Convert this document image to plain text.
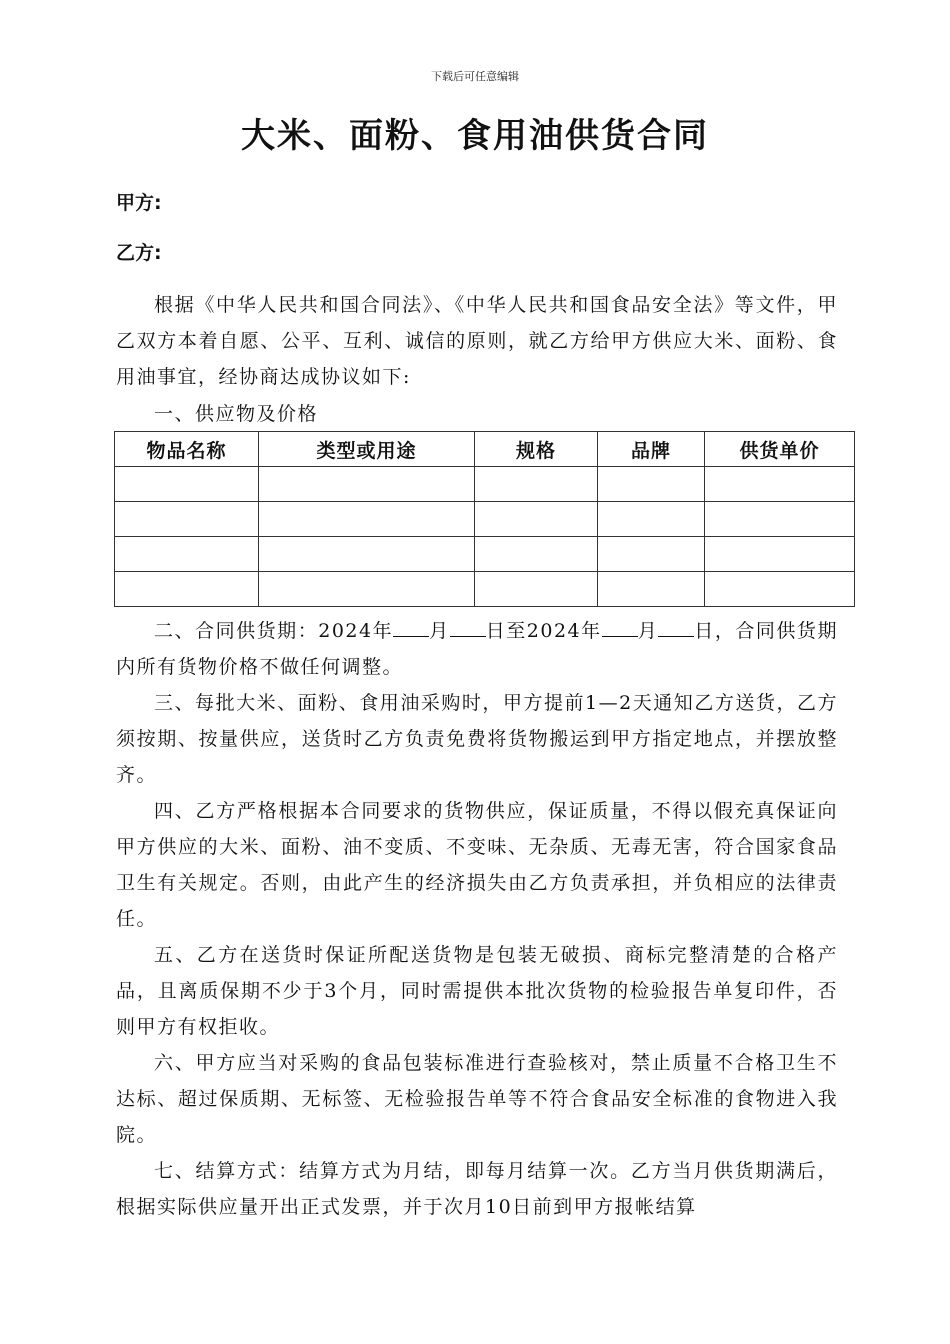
下载后可任意编辑
大米、面粉、食用油供货合同
甲方:
乙方:

根据《中华人民共和国合同法》、《中华人民共和国食品安全法》等文件，甲乙双方本着自愿、公平、互利、诚信的原则，就乙方给甲方供应大米、面粉、食用油事宜，经协商达成协议如下:

一、供应物及价格

物品名称	类型或用途	规格	品牌	供货单价

二、合同供货期：2024年 月 日至2024年 月 日，合同供货期内所有货物价格不做任何调整。

三、每批大米、面粉、食用油采购时，甲方提前1—2天通知乙方送货，乙方须按期、按量供应，送货时乙方负责免费将货物搬运到甲方指定地点，并摆放整齐。

四、乙方严格根据本合同要求的货物供应，保证质量，不得以假充真保证向甲方供应的大米、面粉、油不变质、不变味、无杂质、无毒无害，符合国家食品卫生有关规定。否则，由此产生的经济损失由乙方负责承担，并负相应的法律责任。

五、乙方在送货时保证所配送货物是包装无破损、商标完整清楚的合格产品，且离质保期不少于3个月，同时需提供本批次货物的检验报告单复印件，否则甲方有权拒收。

六、甲方应当对采购的食品包装标准进行查验核对，禁止质量不合格卫生不达标、超过保质期、无标签、无检验报告单等不符合食品安全标准的食物进入我院。

七、结算方式：结算方式为月结，即每月结算一次。乙方当月供货期满后，根据实际供应量开出正式发票，并于次月10日前到甲方报帐结算
